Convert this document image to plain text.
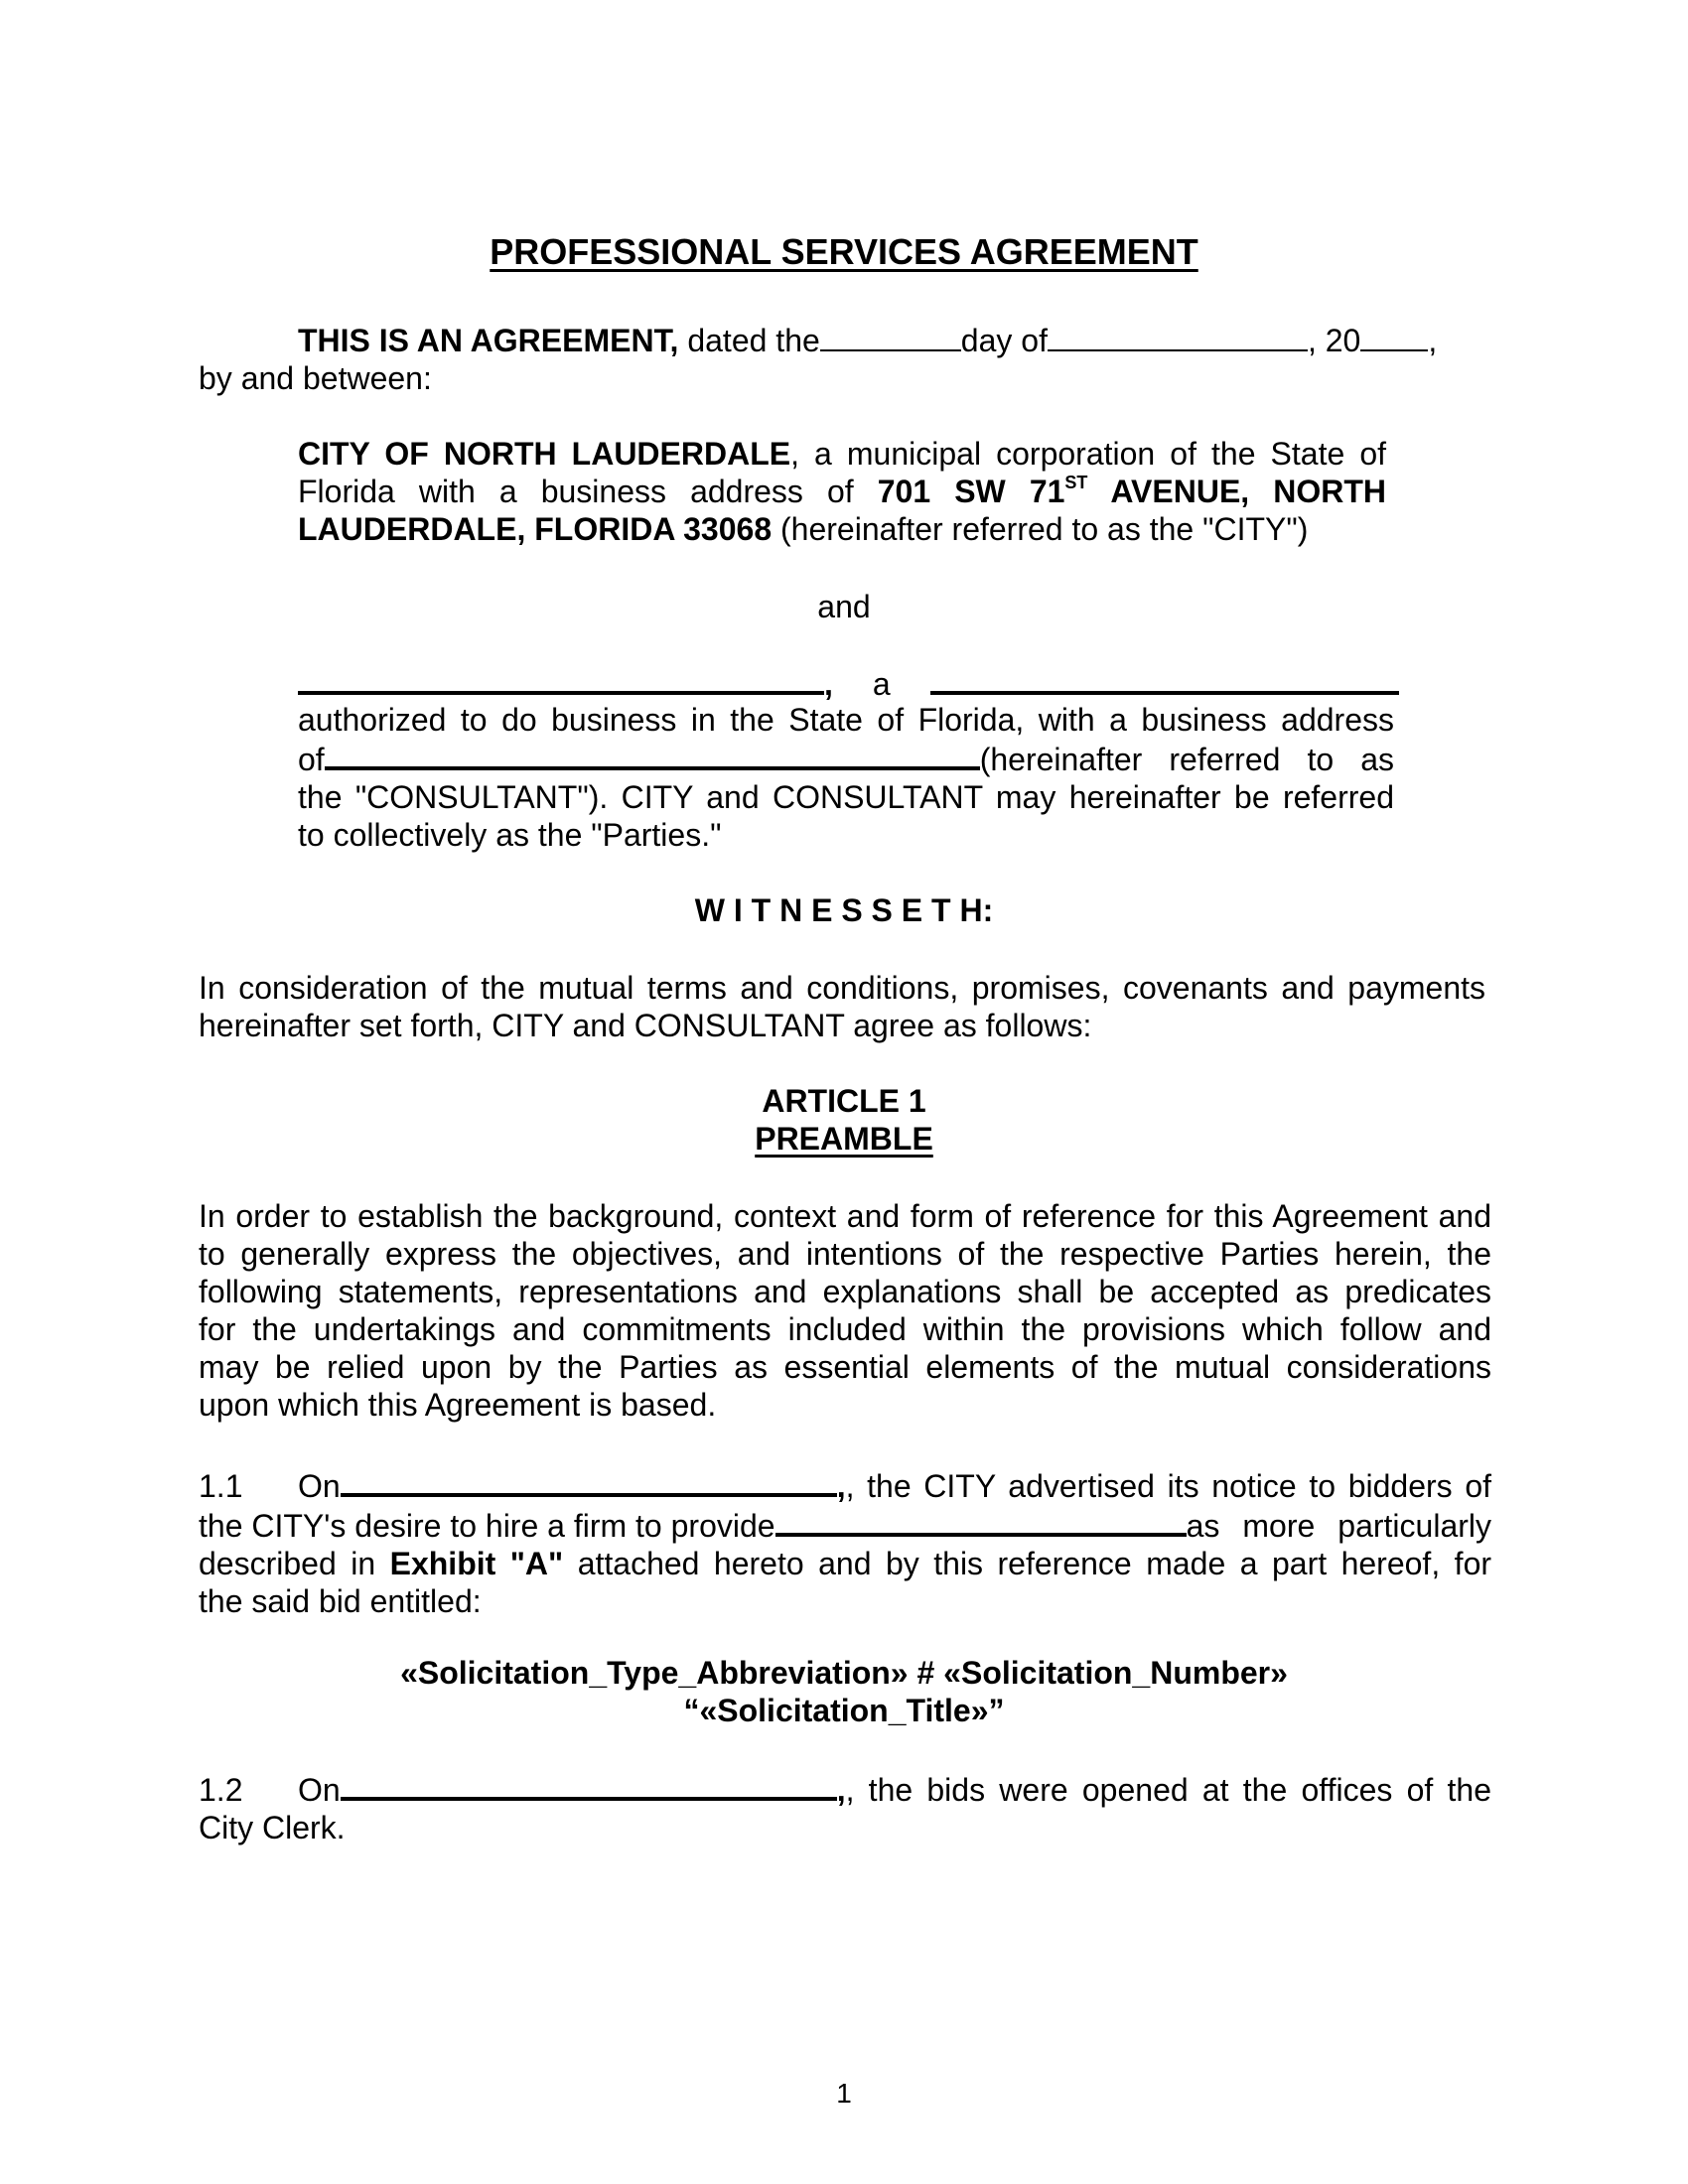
PROFESSIONAL SERVICES AGREEMENT
THIS IS AN AGREEMENT, dated the	day of	, 20 ,
by and between:

CITY OF NORTH LAUDERDALE, a municipal corporation of the State of

Florida with a business address of 701 SW 71ST AVENUE, NORTH

LAUDERDALE, FLORIDA 33068 (hereinafter referred to as the "CITY")

and
, a

authorized to do business in the State of Florida, with a business address

of	(hereinafter referred to as

the "CONSULTANT"). CITY and CONSULTANT may hereinafter be referred

to collectively as the "Parties."

W I T N E S S E T H:

In consideration of the mutual terms and conditions, promises, covenants and payments

hereinafter set forth, CITY and CONSULTANT agree as follows:

ARTICLE 1
PREAMBLE

In order to establish the background, context and form of reference for this Agreement and

to generally express the objectives, and intentions of the respective Parties herein, the

following statements, representations and explanations shall be accepted as predicates

for the undertakings and commitments included within the provisions which follow and

may be relied upon by the Parties as essential elements of the mutual considerations

upon which this Agreement is based.

1.1	On	, , the CITY advertised its notice to bidders of

the CITY's desire to hire a firm to provide	as more particularly

described in Exhibit "A" attached hereto and by this reference made a part hereof, for

the said bid entitled:

«Solicitation_Type_Abbreviation» # «Solicitation_Number»
“«Solicitation_Title»”

1.2	On	, , the bids were opened at the offices of the

City Clerk.

1
